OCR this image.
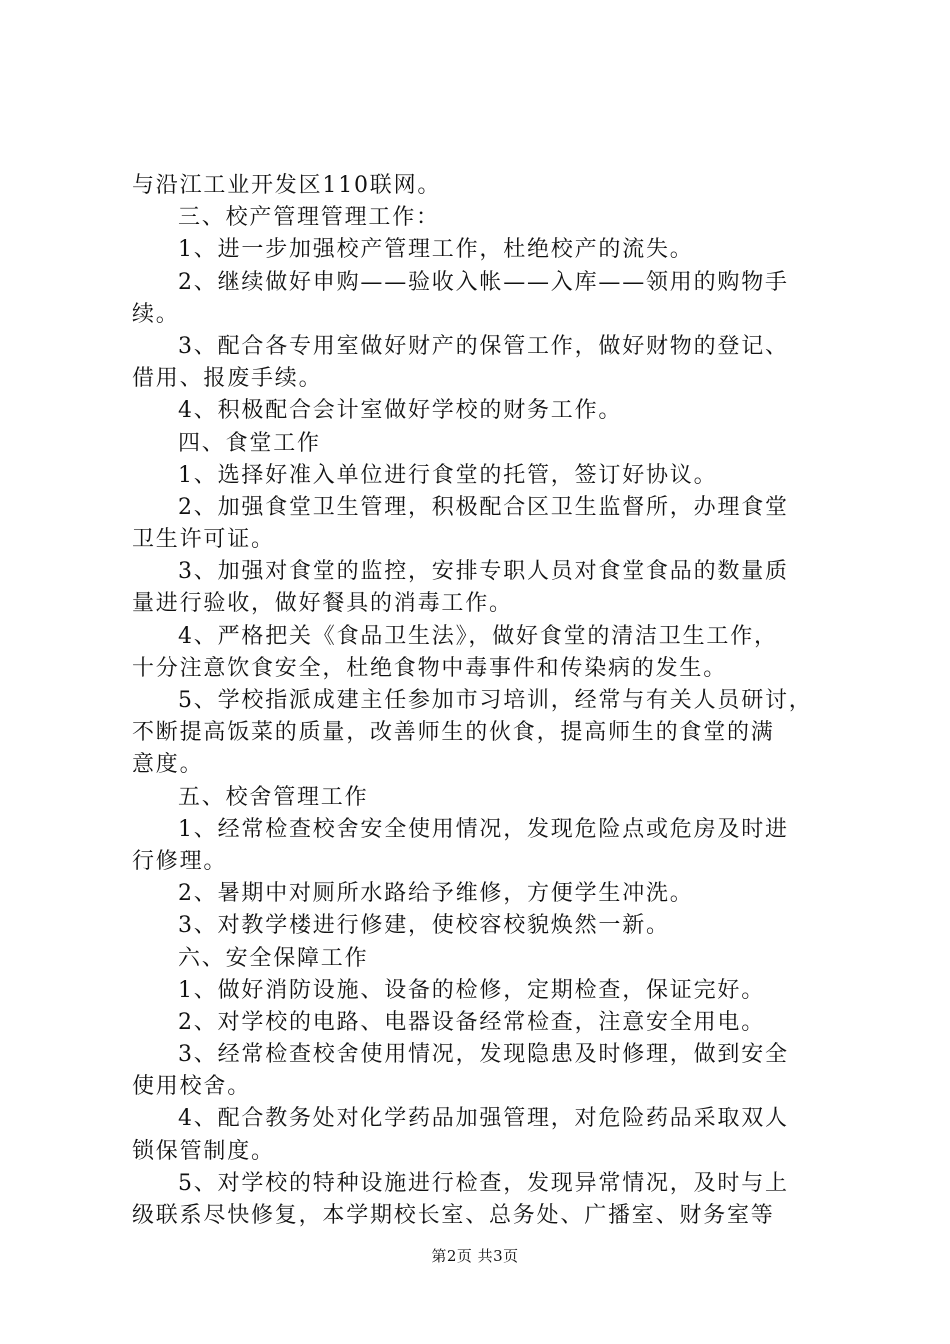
与沿江工业开发区110联网。
三、校产管理管理工作：
1、进一步加强校产管理工作，杜绝校产的流失。
2、继续做好申购——验收入帐——入库——领用的购物手
续。
3、配合各专用室做好财产的保管工作，做好财物的登记、
借用、报废手续。
4、积极配合会计室做好学校的财务工作。
四、食堂工作
1、选择好准入单位进行食堂的托管，签订好协议。
2、加强食堂卫生管理，积极配合区卫生监督所，办理食堂
卫生许可证。
3、加强对食堂的监控，安排专职人员对食堂食品的数量质
量进行验收，做好餐具的消毒工作。
4、严格把关《食品卫生法》，做好食堂的清洁卫生工作，
十分注意饮食安全，杜绝食物中毒事件和传染病的发生。
5、学校指派成建主任参加市习培训，经常与有关人员研讨，
不断提高饭菜的质量，改善师生的伙食，提高师生的食堂的满
意度。
五、校舍管理工作
1、经常检查校舍安全使用情况，发现危险点或危房及时进
行修理。
2、暑期中对厕所水路给予维修，方便学生冲洗。
3、对教学楼进行修建，使校容校貌焕然一新。
六、安全保障工作
1、做好消防设施、设备的检修，定期检查，保证完好。
2、对学校的电路、电器设备经常检查，注意安全用电。
3、经常检查校舍使用情况，发现隐患及时修理，做到安全
使用校舍。
4、配合教务处对化学药品加强管理，对危险药品采取双人
锁保管制度。
5、对学校的特种设施进行检查，发现异常情况，及时与上
级联系尽快修复，本学期校长室、总务处、广播室、财务室等
第2页 共3页
